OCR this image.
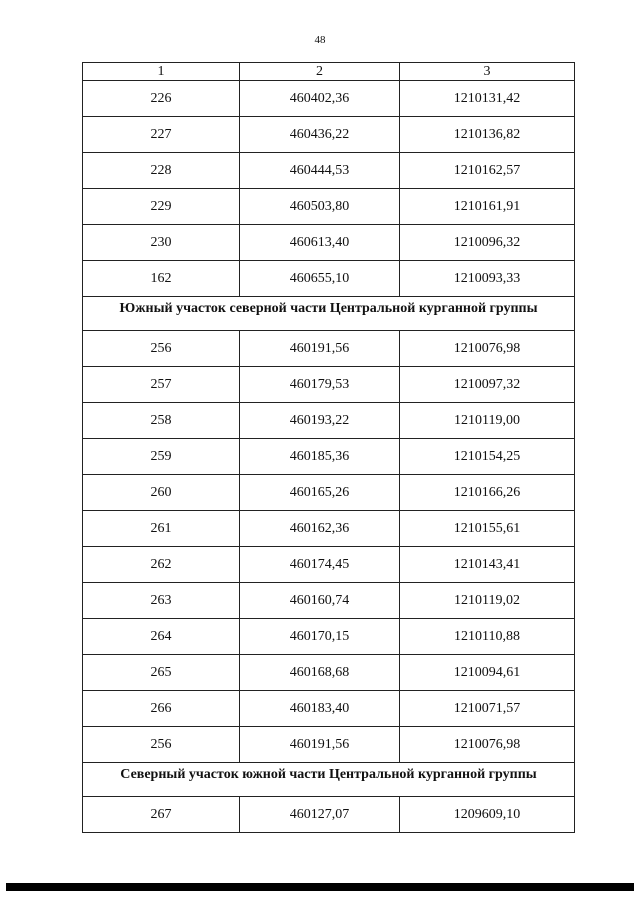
48
1	2	3
226	460402,36	1210131,42
227	460436,22	1210136,82
228	460444,53	1210162,57
229	460503,80	1210161,91
230	460613,40	1210096,32
162	460655,10	1210093,33
Южный участок северной части Центральной курганной группы		
256	460191,56	1210076,98
257	460179,53	1210097,32
258	460193,22	1210119,00
259	460185,36	1210154,25
260	460165,26	1210166,26
261	460162,36	1210155,61
262	460174,45	1210143,41
263	460160,74	1210119,02
264	460170,15	1210110,88
265	460168,68	1210094,61
266	460183,40	1210071,57
256	460191,56	1210076,98
Северный участок южной части Центральной курганной группы		
267	460127,07	1209609,10
